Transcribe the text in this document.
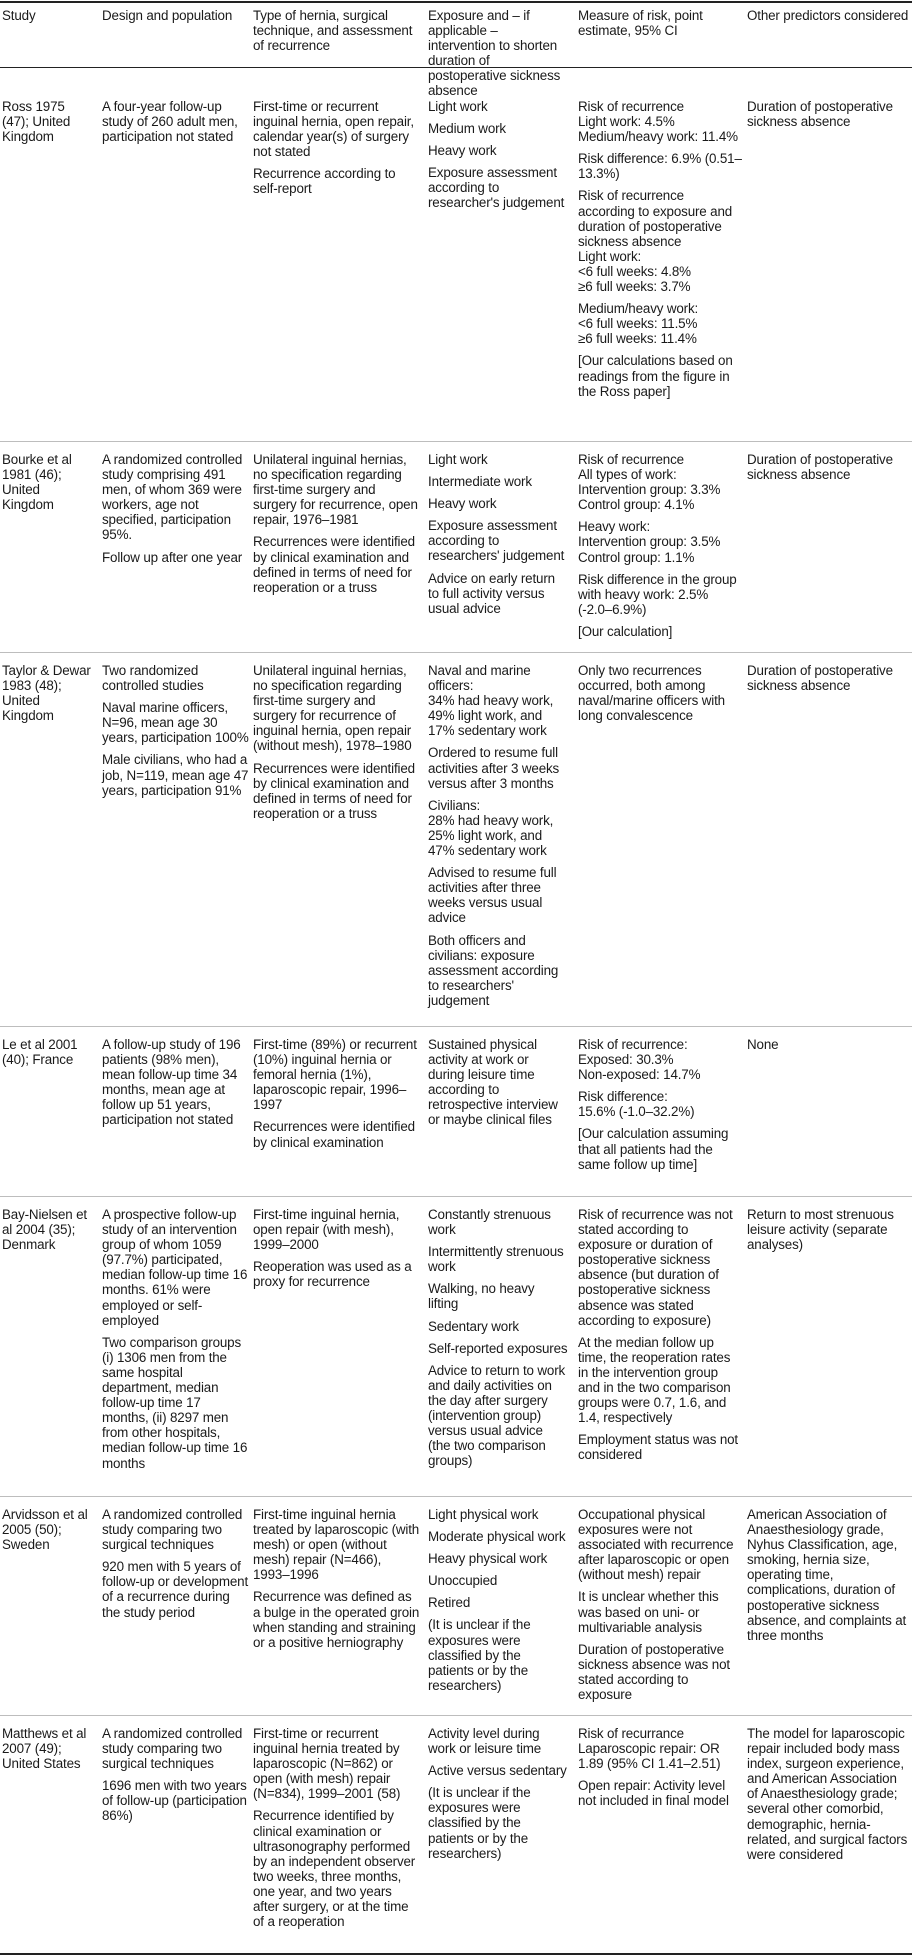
Study	Design and population	Type of hernia, surgical technique, and assessment of recurrence
Exposure and – if applicable – intervention to shorten duration of postoperative sickness absence
Measure of risk, point estimate, 95% CI
Other predictors considered
Ross 1975 (47); United Kingdom
A four-year follow-up study of 260 adult men, participation not stated
First-time or recurrent inguinal hernia, open repair, calendar year(s) of surgery not stated
Recurrence according to self-report
Light work
Medium work
Heavy work
Exposure assessment according to researcher's judgement
Risk of recurrence
Light work: 4.5%
Medium/heavy work: 11.4%
Risk difference: 6.9% (0.51–13.3%)
Risk of recurrence according to exposure and duration of postoperative sickness absence
Light work:
<6 full weeks: 4.8%
≥6 full weeks: 3.7%
Medium/heavy work:
<6 full weeks: 11.5%
≥6 full weeks: 11.4%
[Our calculations based on readings from the figure in the Ross paper]
Duration of postoperative sickness absence
Bourke et al 1981 (46); United Kingdom
A randomized controlled study comprising 491 men, of whom 369 were workers, age not specified, participation 95%.
Follow up after one year
Unilateral inguinal hernias, no specification regarding first-time surgery and surgery for recurrence, open repair, 1976–1981
Recurrences were identified by clinical examination and defined in terms of need for reoperation or a truss
Light work
Intermediate work
Heavy work
Exposure assessment according to researchers' judgement
Advice on early return to full activity versus usual advice
Risk of recurrence
All types of work:
Intervention group: 3.3%
Control group: 4.1%
Heavy work:
Intervention group: 3.5%
Control group: 1.1%
Risk difference in the group with heavy work: 2.5% (-2.0–6.9%)
[Our calculation]
Duration of postoperative sickness absence
Taylor & Dewar 1983 (48); United Kingdom
Two randomized controlled studies
Naval marine officers, N=96, mean age 30 years, participation 100%
Male civilians, who had a job, N=119, mean age 47 years, participation 91%
Unilateral inguinal hernias, no specification regarding first-time surgery and surgery for recurrence of inguinal hernia, open repair (without mesh), 1978–1980
Recurrences were identified by clinical examination and defined in terms of need for reoperation or a truss
Naval and marine officers:
34% had heavy work, 49% light work, and 17% sedentary work
Ordered to resume full activities after 3 weeks versus after 3 months
Civilians:
28% had heavy work, 25% light work, and 47% sedentary work
Advised to resume full activities after three weeks versus usual advice
Both officers and civilians: exposure assessment according to researchers' judgement
Only two recurrences occurred, both among naval/marine officers with long convalescence
Duration of postoperative sickness absence
Le et al 2001 (40); France
A follow-up study of 196 patients (98% men), mean follow-up time 34 months, mean age at follow up 51 years, participation not stated
First-time (89%) or recurrent (10%) inguinal hernia or femoral hernia (1%), laparoscopic repair, 1996–1997
Recurrences were identified by clinical examination
Sustained physical activity at work or during leisure time according to retrospective interview or maybe clinical files
Risk of recurrence:
Exposed: 30.3%
Non-exposed: 14.7%
Risk difference:
15.6% (-1.0–32.2%)
[Our calculation assuming that all patients had the same follow up time]
None
Bay-Nielsen et al 2004 (35); Denmark
A prospective follow-up study of an intervention group of whom 1059 (97.7%) participated, median follow-up time 16 months. 61% were employed or self-employed
Two comparison groups (i) 1306 men from the same hospital department, median follow-up time 17 months, (ii) 8297 men from other hospitals, median follow-up time 16 months
First-time inguinal hernia, open repair (with mesh), 1999–2000
Reoperation was used as a proxy for recurrence
Constantly strenuous work
Intermittently strenuous work
Walking, no heavy lifting
Sedentary work
Self-reported exposures
Advice to return to work and daily activities on the day after surgery (intervention group) versus usual advice (the two comparison groups)
Risk of recurrence was not stated according to exposure or duration of postoperative sickness absence (but duration of postoperative sickness absence was stated according to exposure)
At the median follow up time, the reoperation rates in the intervention group and in the two comparison groups were 0.7, 1.6, and 1.4, respectively
Employment status was not considered
Return to most strenuous leisure activity (separate analyses)
Arvidsson et al 2005 (50); Sweden
A randomized controlled study comparing two surgical techniques
920 men with 5 years of follow-up or development of a recurrence during the study period
First-time inguinal hernia treated by laparoscopic (with mesh) or open (without mesh) repair (N=466), 1993–1996
Recurrence was defined as a bulge in the operated groin when standing and straining or a positive herniography
Light physical work
Moderate physical work
Heavy physical work
Unoccupied
Retired
(It is unclear if the exposures were classified by the patients or by the researchers)
Occupational physical exposures were not associated with recurrence after laparoscopic or open (without mesh) repair
It is unclear whether this was based on uni- or multivariable analysis
Duration of postoperative sickness absence was not stated according to exposure
American Association of Anaesthesiology grade, Nyhus Classification, age, smoking, hernia size, operating time, complications, duration of postoperative sickness absence, and complaints at three months
Matthews et al 2007 (49); United States
A randomized controlled study comparing two surgical techniques
1696 men with two years of follow-up (participation 86%)
First-time or recurrent inguinal hernia treated by laparoscopic (N=862) or open (with mesh) repair (N=834), 1999–2001 (58)
Recurrence identified by clinical examination or ultrasonography performed by an independent observer two weeks, three months, one year, and two years after surgery, or at the time of a reoperation
Activity level during work or leisure time
Active versus sedentary
(It is unclear if the exposures were classified by the patients or by the researchers)
Risk of recurrance
Laparoscopic repair: OR 1.89 (95% CI 1.41–2.51)
Open repair: Activity level not included in final model
The model for laparoscopic repair included body mass index, surgeon experience, and American Association of Anaesthesiology grade; several other comorbid, demographic, hernia-related, and surgical factors were considered
